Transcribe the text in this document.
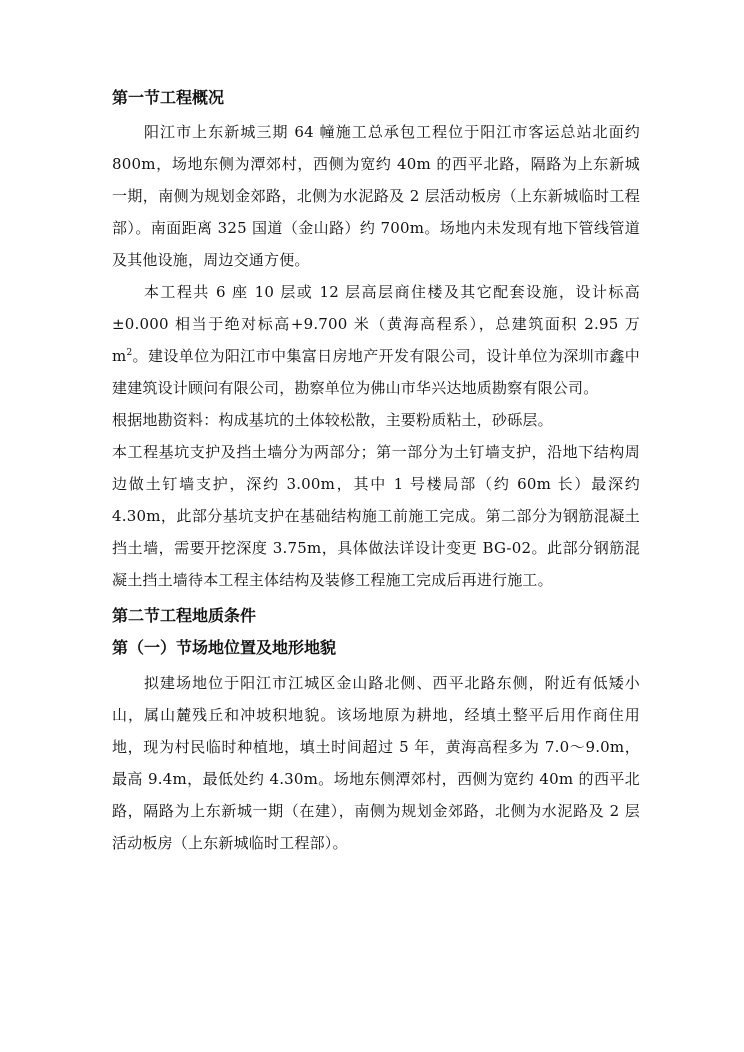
第一节工程概况

阳江市上东新城三期 64 幢施工总承包工程位于阳江市客运总站北面约 800m，场地东侧为潭郊村，西侧为宽约 40m 的西平北路，隔路为上东新城一期，南侧为规划金郊路，北侧为水泥路及 2 层活动板房（上东新城临时工程部）。南面距离 325 国道（金山路）约 700m。场地内未发现有地下管线管道及其他设施，周边交通方便。

本工程共 6 座 10 层或 12 层高层商住楼及其它配套设施，设计标高±0.000 相当于绝对标高+9.700 米（黄海高程系），总建筑面积 2.95 万$m^2$。建设单位为阳江市中集富日房地产开发有限公司，设计单位为深圳市鑫中建建筑设计顾问有限公司，勘察单位为佛山市华兴达地质勘察有限公司。

根据地勘资料：构成基坑的土体较松散，主要粉质粘土，砂砾层。

本工程基坑支护及挡土墙分为两部分；第一部分为土钉墙支护，沿地下结构周边做土钉墙支护，深约 3.00m，其中 1 号楼局部（约 60m 长）最深约 4.30m，此部分基坑支护在基础结构施工前施工完成。第二部分为钢筋混凝土挡土墙，需要开挖深度 3.75m，具体做法详设计变更 BG-02。此部分钢筋混凝土挡土墙待本工程主体结构及装修工程施工完成后再进行施工。

第二节工程地质条件
第（一）节场地位置及地形地貌

拟建场地位于阳江市江城区金山路北侧、西平北路东侧，附近有低矮小山，属山麓残丘和冲坡积地貌。该场地原为耕地，经填土整平后用作商住用地，现为村民临时种植地，填土时间超过 5 年，黄海高程多为 7.0～9.0m，最高 9.4m，最低处约 4.30m。场地东侧潭郊村，西侧为宽约 40m 的西平北路，隔路为上东新城一期（在建），南侧为规划金郊路，北侧为水泥路及 2 层活动板房（上东新城临时工程部）。
